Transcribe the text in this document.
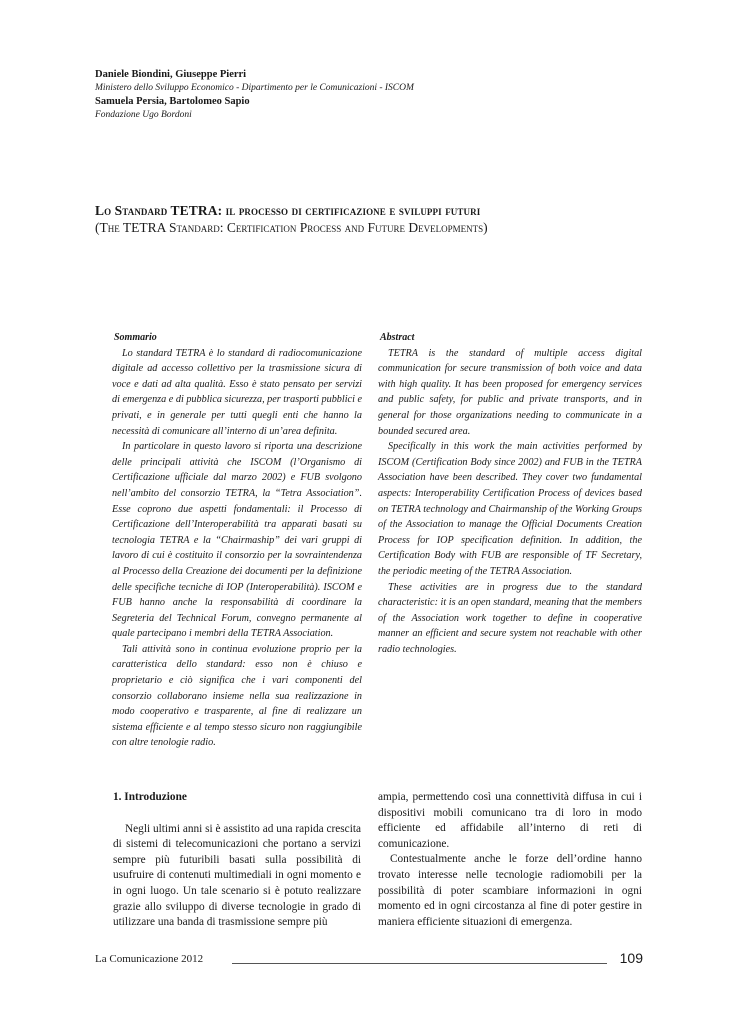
Daniele Biondini, Giuseppe Pierri
Ministero dello Sviluppo Economico - Dipartimento per le Comunicazioni - ISCOM
Samuela Persia, Bartolomeo Sapio
Fondazione Ugo Bordoni
Lo Standard TETRA: il processo di certificazione e sviluppi futuri
(The TETRA Standard: Certification Process and Future Developments)
Sommario

Lo standard TETRA è lo standard di radiocomunicazione digitale ad accesso collettivo per la trasmissione sicura di voce e dati ad alta qualità. Esso è stato pensato per servizi di emergenza e di pubblica sicurezza, per trasporti pubblici e privati, e in generale per tutti quegli enti che hanno la necessità di comunicare all’interno di un’area definita.

In particolare in questo lavoro si riporta una descrizione delle principali attività che ISCOM (l’Organismo di Certificazione ufficiale dal marzo 2002) e FUB svolgono nell’ambito del consorzio TETRA, la “Tetra Association”. Esse coprono due aspetti fondamentali: il Processo di Certificazione dell’Interoperabilità tra apparati basati su tecnologia TETRA e la “Chairmaship” dei vari gruppi di lavoro di cui è costituito il consorzio per la sovraintendenza al Processo della Creazione dei documenti per la definizione delle specifiche tecniche di IOP (Interoperabilità). ISCOM e FUB hanno anche la responsabilità di coordinare la Segreteria del Technical Forum, convegno permanente al quale partecipano i membri della TETRA Association.

Tali attività sono in continua evoluzione proprio per la caratteristica dello standard: esso non è chiuso e proprietario e ciò significa che i vari componenti del consorzio collaborano insieme nella sua realizzazione in modo cooperativo e trasparente, al fine di realizzare un sistema efficiente e al tempo stesso sicuro non raggiungibile con altre tenologie radio.

Abstract

TETRA is the standard of multiple access digital communication for secure transmission of both voice and data with high quality. It has been proposed for emergency services and public safety, for public and private transports, and in general for those organizations needing to communicate in a bounded secured area.

Specifically in this work the main activities performed by ISCOM (Certification Body since 2002) and FUB in the TETRA Association have been described. They cover two fundamental aspects: Interoperability Certification Process of devices based on TETRA technology and Chairmanship of the Working Groups of the Association to manage the Official Documents Creation Process for IOP specification definition. In addition, the Certification Body with FUB are responsible of TF Secretary, the periodic meeting of the TETRA Association.

These activities are in progress due to the standard characteristic: it is an open standard, meaning that the members of the Association work together to define in cooperative manner an efficient and secure system not reachable with other radio technologies.

1. Introduzione

Negli ultimi anni si è assistito ad una rapida crescita di sistemi di telecomunicazioni che portano a servizi sempre più futuribili basati sulla possibilità di usufruire di contenuti multimediali in ogni momento e in ogni luogo. Un tale scenario si è potuto realizzare grazie allo sviluppo di diverse tecnologie in grado di utilizzare una banda di trasmissione sempre più

ampia, permettendo così una connettività diffusa in cui i dispositivi mobili comunicano tra di loro in modo efficiente ed affidabile all’interno di reti di comunicazione.

Contestualmente anche le forze dell’ordine hanno trovato interesse nelle tecnologie radiomobili per la possibilità di poter scambiare informazioni in ogni momento ed in ogni circostanza al fine di poter gestire in maniera efficiente situazioni di emergenza.

La Comunicazione 2012	109
